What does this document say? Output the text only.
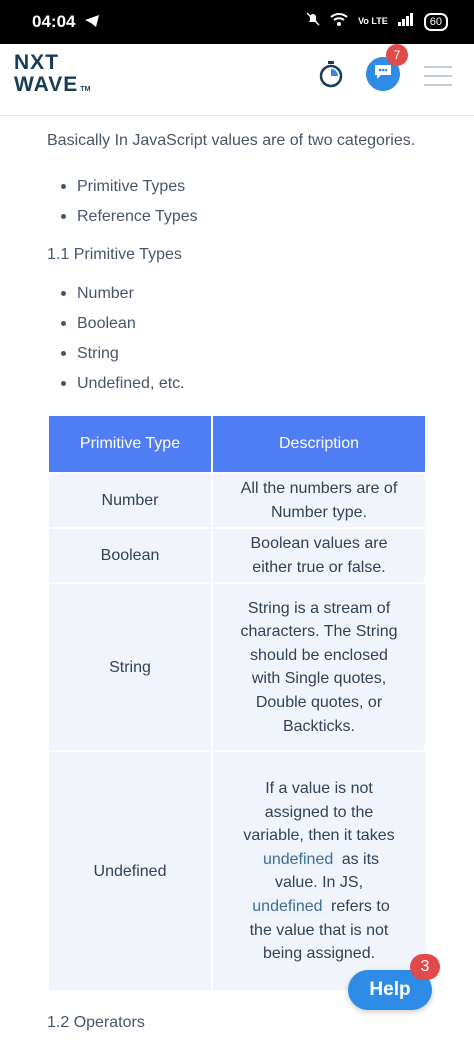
04:04	Vo LTE	60
NXT
WAVE TM
7

Basically In JavaScript values are of two categories.

Primitive Types
Reference Types
1.1 Primitive Types
Number
Boolean
String
Undefined, etc.
Primitive Type	Description
Number	All the numbers are of Number type.
Boolean	Boolean values are either true or false.
String	String is a stream of characters. The String should be enclosed with Single quotes, Double quotes, or Backticks.
Undefined	If a value is not assigned to the variable, then it takes undefined as its value. In JS, undefined refers to the value that is not being assigned.
1.2 Operators
Help
3
